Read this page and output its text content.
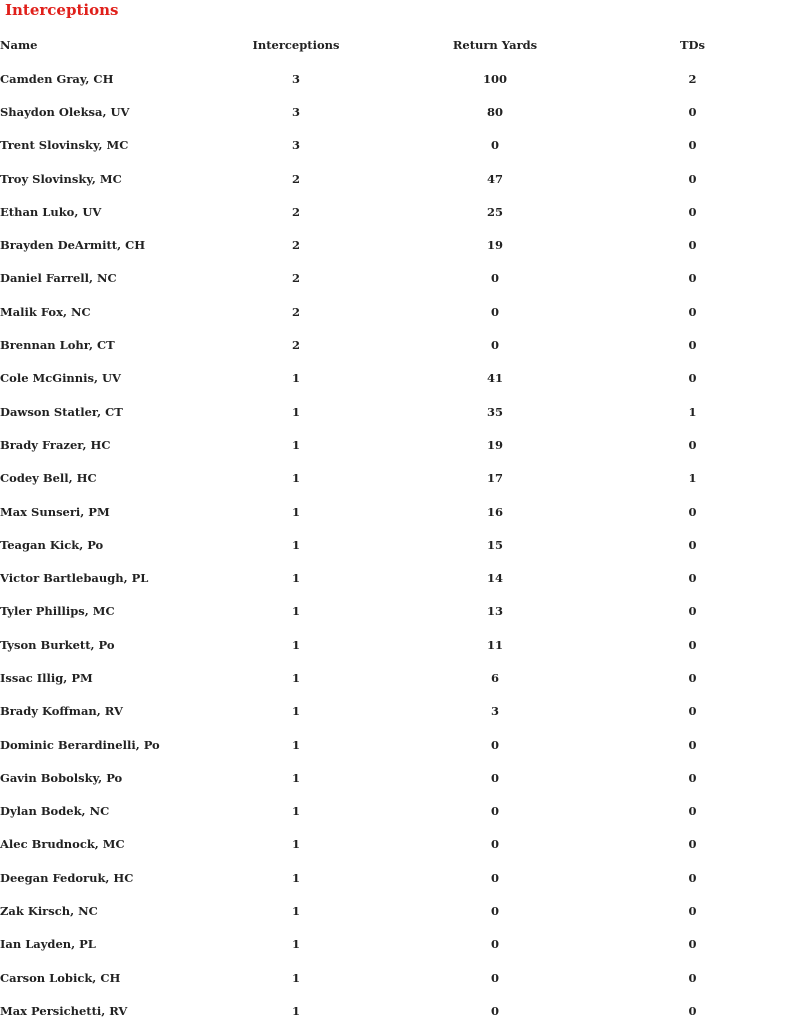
Interceptions
Name	Interceptions	Return Yards	TDs
Camden Gray, CH	3	100	2
Shaydon Oleksa, UV	3	80	0
Trent Slovinsky, MC	3	0	0
Troy Slovinsky, MC	2	47	0
Ethan Luko, UV	2	25	0
Brayden DeArmitt, CH	2	19	0
Daniel Farrell, NC	2	0	0
Malik Fox, NC	2	0	0
Brennan Lohr, CT	2	0	0
Cole McGinnis, UV	1	41	0
Dawson Statler, CT	1	35	1
Brady Frazer, HC	1	19	0
Codey Bell, HC	1	17	1
Max Sunseri, PM	1	16	0
Teagan Kick, Po	1	15	0
Victor Bartlebaugh, PL	1	14	0
Tyler Phillips, MC	1	13	0
Tyson Burkett, Po	1	11	0
Issac Illig, PM	1	6	0
Brady Koffman, RV	1	3	0
Dominic Berardinelli, Po	1	0	0
Gavin Bobolsky, Po	1	0	0
Dylan Bodek, NC	1	0	0
Alec Brudnock, MC	1	0	0
Deegan Fedoruk, HC	1	0	0
Zak Kirsch, NC	1	0	0
Ian Layden, PL	1	0	0
Carson Lobick, CH	1	0	0
Max Persichetti, RV	1	0	0
